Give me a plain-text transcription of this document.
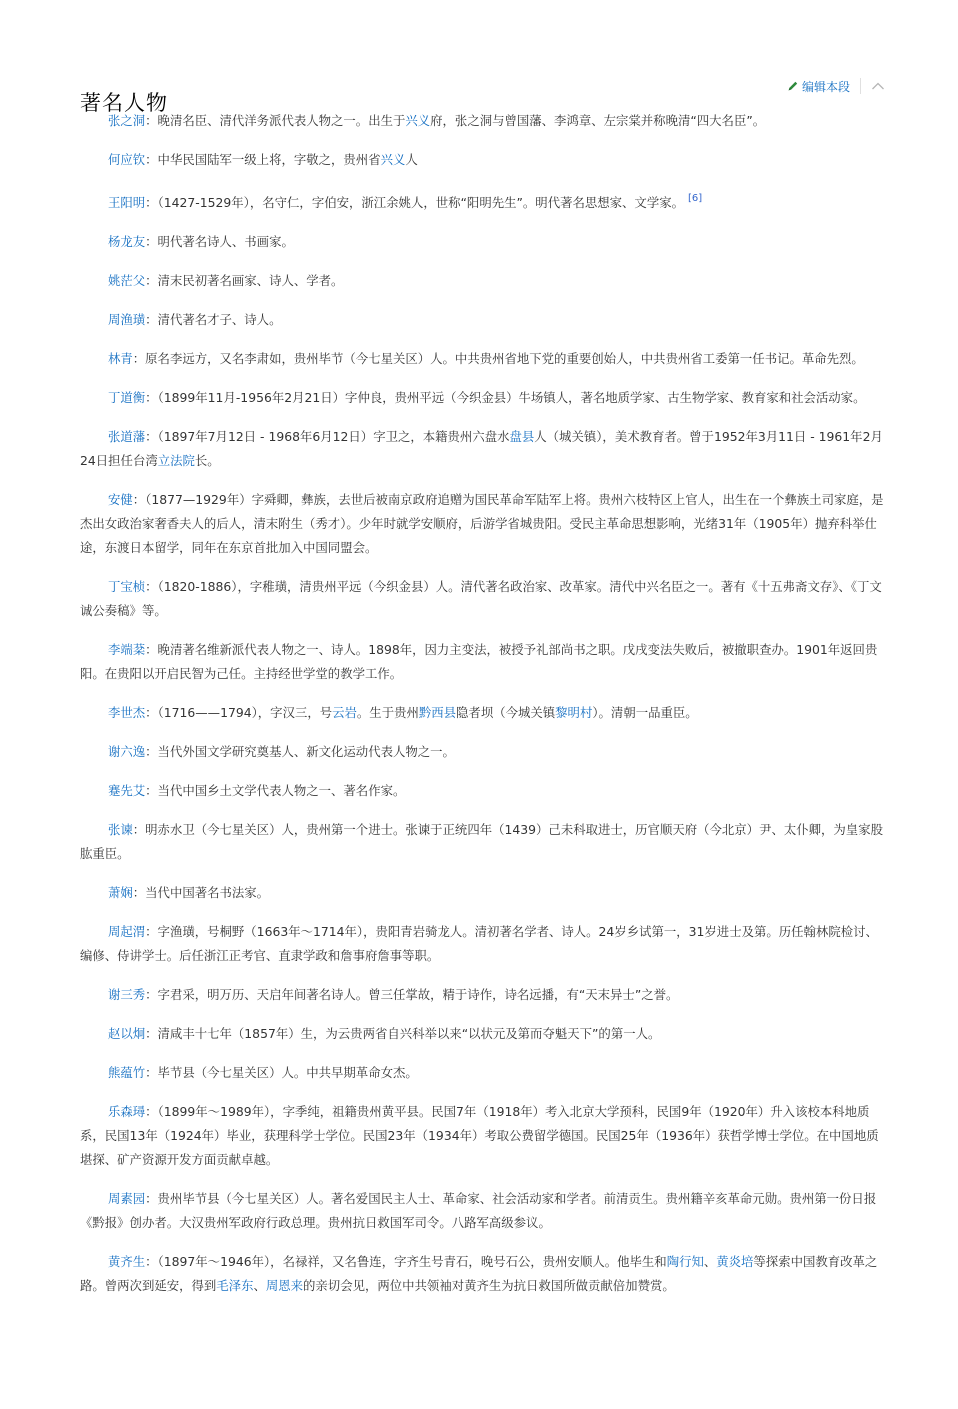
著名人物
编辑本段

张之洞：晚清名臣、清代洋务派代表人物之一。出生于兴义府，张之洞与曾国藩、李鸿章、左宗棠并称晚清“四大名臣”。

何应钦：中华民国陆军一级上将，字敬之，贵州省兴义人

王阳明：（1427-1529年），名守仁，字伯安，浙江余姚人，世称“阳明先生”。明代著名思想家、文学家。 [6]

杨龙友：明代著名诗人、书画家。

姚茫父：清末民初著名画家、诗人、学者。

周渔璜：清代著名才子、诗人。

林青：原名李远方，又名李肃如，贵州毕节（今七星关区）人。中共贵州省地下党的重要创始人，中共贵州省工委第一任书记。革命先烈。

丁道衡：（1899年11月-1956年2月21日）字仲良，贵州平远（今织金县）牛场镇人，著名地质学家、古生物学家、教育家和社会活动家。

张道藩：（1897年7月12日 - 1968年6月12日）字卫之，本籍贵州六盘水盘县人（城关镇），美术教育者。曾于1952年3月11日 - 1961年2月24日担任台湾立法院长。

安健：（1877—1929年）字舜卿，彝族，去世后被南京政府追赠为国民革命军陆军上将。贵州六枝特区上官人，出生在一个彝族土司家庭，是杰出女政治家奢香夫人的后人，清末附生（秀才）。少年时就学安顺府，后游学省城贵阳。受民主革命思想影响，光绪31年（1905年）抛弃科举仕途，东渡日本留学，同年在东京首批加入中国同盟会。

丁宝桢：（1820-1886），字稚璜，清贵州平远（今织金县）人。清代著名政治家、改革家。清代中兴名臣之一。著有《十五弗斋文存》、《丁文诚公奏稿》等。

李端棻：晚清著名维新派代表人物之一、诗人。1898年，因力主变法，被授予礼部尚书之职。戊戌变法失败后，被撤职查办。1901年返回贵阳。在贵阳以开启民智为己任。主持经世学堂的教学工作。

李世杰：（1716——1794），字汉三，号云岩。生于贵州黔西县隐者坝（今城关镇黎明村）。清朝一品重臣。

谢六逸：当代外国文学研究奠基人、新文化运动代表人物之一。

蹇先艾：当代中国乡土文学代表人物之一、著名作家。

张谏：明赤水卫（今七星关区）人，贵州第一个进士。张谏于正统四年（1439）己未科取进士，历官顺天府（今北京）尹、太仆卿，为皇家股肱重臣。

萧娴：当代中国著名书法家。

周起渭：字渔璜，号桐野（1663年～1714年），贵阳青岩骑龙人。清初著名学者、诗人。24岁乡试第一，31岁进士及第。历任翰林院检讨、编修、侍讲学士。后任浙江正考官、直隶学政和詹事府詹事等职。

谢三秀：字君采，明万历、天启年间著名诗人。曾三任掌故，精于诗作，诗名远播，有“天末异士”之誉。

赵以炯：清咸丰十七年（1857年）生，为云贵两省自兴科举以来“以状元及第而夺魁天下”的第一人。

熊蕴竹：毕节县（今七星关区）人。中共早期革命女杰。

乐森璕：（1899年～1989年），字季纯，祖籍贵州黄平县。民国7年（1918年）考入北京大学预科，民国9年（1920年）升入该校本科地质系，民国13年（1924年）毕业，获理科学士学位。民国23年（1934年）考取公费留学德国。民国25年（1936年）获哲学博士学位。在中国地质堪探、矿产资源开发方面贡献卓越。

周素园：贵州毕节县（今七星关区）人。著名爱国民主人士、革命家、社会活动家和学者。前清贡生。贵州籍辛亥革命元勋。贵州第一份日报《黔报》创办者。大汉贵州军政府行政总理。贵州抗日救国军司令。八路军高级参议。

黄齐生：（1897年～1946年），名禄祥，又名鲁连，字齐生号青石，晚号石公，贵州安顺人。他毕生和陶行知、黄炎培等探索中国教育改革之路。曾两次到延安，得到毛泽东、周恩来的亲切会见，两位中共领袖对黄齐生为抗日救国所做贡献倍加赞赏。
